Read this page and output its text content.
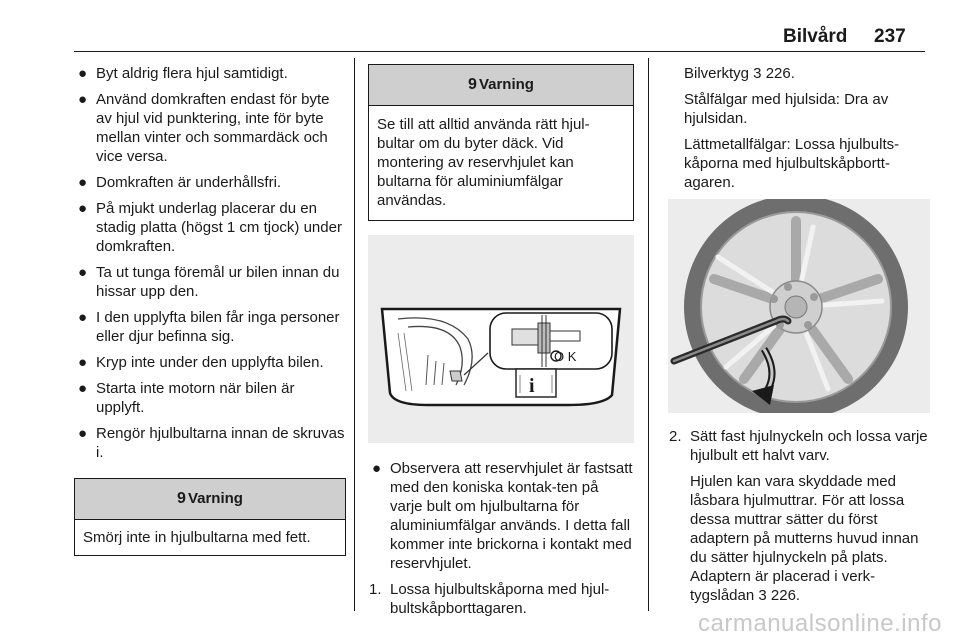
Bilvård 237
● Byt aldrig flera hjul samtidigt.
● Använd domkraften endast för byte av hjul vid punktering, inte för byte mellan vinter och sommardäck och vice versa.
● Domkraften är underhållsfri.
● På mjukt underlag placerar du en stadig platta (högst 1 cm tjock) under domkraften.
● Ta ut tunga föremål ur bilen innan du hissar upp den.
● I den upplyfta bilen får inga personer eller djur befinna sig.
● Kryp inte under den upplyfta bilen.
● Starta inte motorn när bilen är upplyft.
● Rengör hjulbultarna innan de skruvas i.
9 Varning
Smörj inte in hjulbultarna med fett.
9 Varning
Se till att alltid använda rätt hjul-bultar om du byter däck. Vid montering av reservhjulet kan bultarna för aluminiumfälgar användas.
O K
i
● Observera att reservhjulet är fastsatt med den koniska kontak-ten på varje bult om hjulbultarna för aluminiumfälgar används. I detta fall kommer inte brickorna i kontakt med reservhjulet.
1. Lossa hjulbultskåporna med hjul-bultskåpborttagaren.
Bilverktyg 3 226.
Stålfälgar med hjulsida: Dra av hjulsidan.
Lättmetallfälgar: Lossa hjulbults-kåporna med hjulbultskåpbortt-agaren.
2. Sätt fast hjulnyckeln och lossa varje hjulbult ett halvt varv.
Hjulen kan vara skyddade med låsbara hjulmuttrar. För att lossa dessa muttrar sätter du först adaptern på mutterns huvud innan du sätter hjulnyckeln på plats. Adaptern är placerad i verk-tygslådan 3 226.
carmanualsonline.info
